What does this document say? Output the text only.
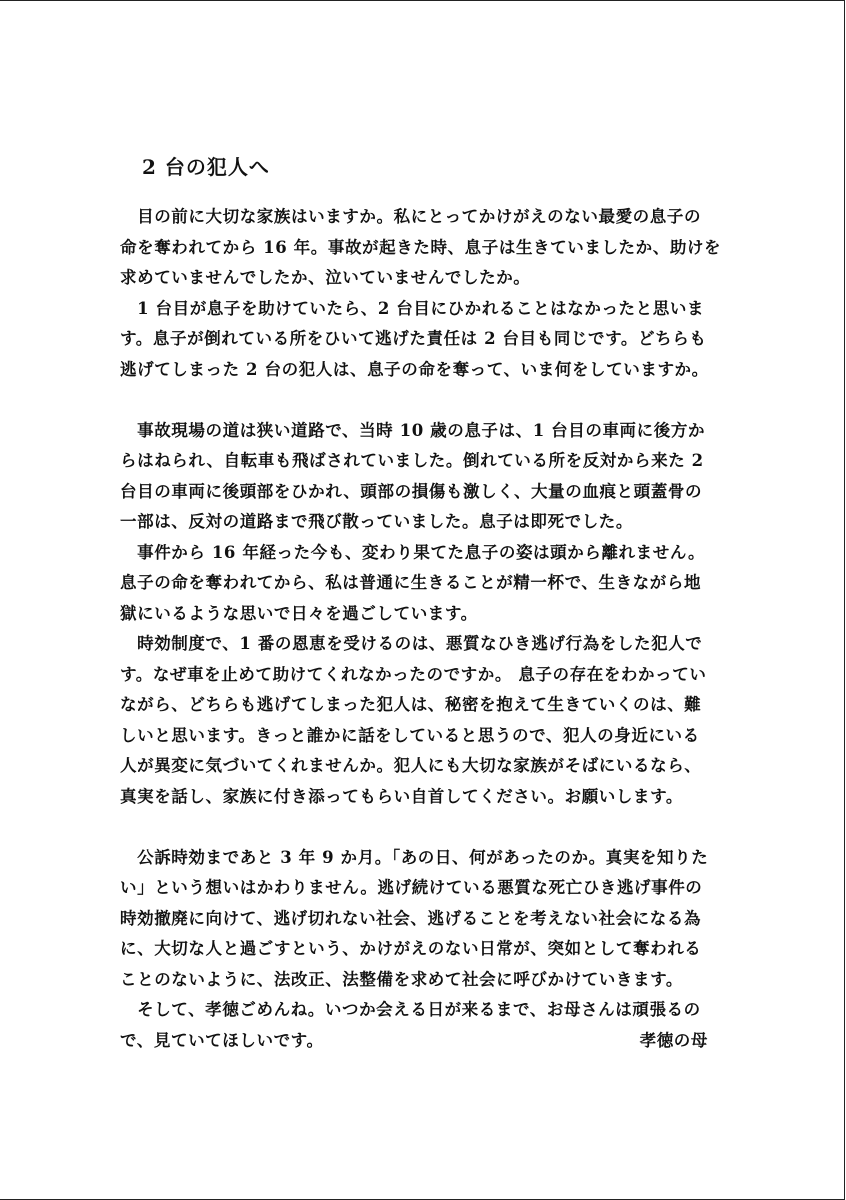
2 台の犯人へ
　目の前に大切な家族はいますか。私にとってかけがえのない最愛の息子の
命を奪われてから 16 年。事故が起きた時、息子は生きていましたか、助けを
求めていませんでしたか、泣いていませんでしたか。
　1 台目が息子を助けていたら、2 台目にひかれることはなかったと思いま
す。息子が倒れている所をひいて逃げた責任は 2 台目も同じです。どちらも
逃げてしまった 2 台の犯人は、息子の命を奪って、いま何をしていますか。
　事故現場の道は狭い道路で、当時 10 歳の息子は、1 台目の車両に後方か
らはねられ、自転車も飛ばされていました。倒れている所を反対から来た 2
台目の車両に後頭部をひかれ、頭部の損傷も激しく、大量の血痕と頭蓋骨の
一部は、反対の道路まで飛び散っていました。息子は即死でした。
　事件から 16 年経った今も、変わり果てた息子の姿は頭から離れません。
息子の命を奪われてから、私は普通に生きることが精一杯で、生きながら地
獄にいるような思いで日々を過ごしています。
　時効制度で、1 番の恩恵を受けるのは、悪質なひき逃げ行為をした犯人で
す。なぜ車を止めて助けてくれなかったのですか。 息子の存在をわかってい
ながら、どちらも逃げてしまった犯人は、秘密を抱えて生きていくのは、難
しいと思います。きっと誰かに話をしていると思うので、犯人の身近にいる
人が異変に気づいてくれませんか。犯人にも大切な家族がそばにいるなら、
真実を話し、家族に付き添ってもらい自首してください。お願いします。
　公訴時効まであと 3 年 9 か月。「あの日、何があったのか。真実を知りた
い」という想いはかわりません。逃げ続けている悪質な死亡ひき逃げ事件の
時効撤廃に向けて、逃げ切れない社会、逃げることを考えない社会になる為
に、大切な人と過ごすという、かけがえのない日常が、突如として奪われる
ことのないように、法改正、法整備を求めて社会に呼びかけていきます。
　そして、孝徳ごめんね。いつか会える日が来るまで、お母さんは頑張るの
で、見ていてほしいです。	孝徳の母
